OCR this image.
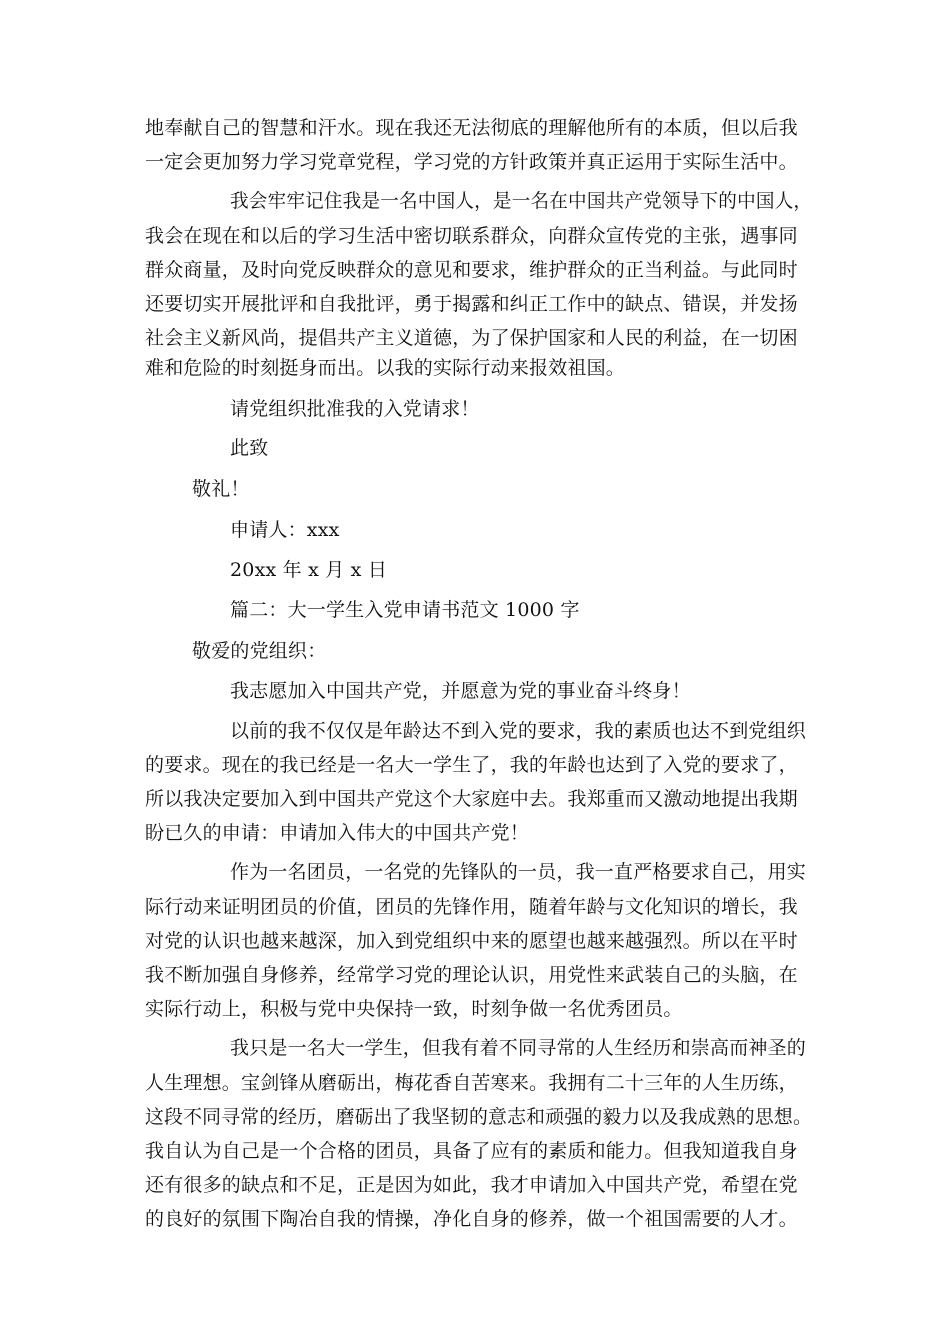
地奉献自己的智慧和汗水。现在我还无法彻底的理解他所有的本质，但以后我
一定会更加努力学习党章党程，学习党的方针政策并真正运用于实际生活中。
我会牢牢记住我是一名中国人，是一名在中国共产党领导下的中国人，
我会在现在和以后的学习生活中密切联系群众，向群众宣传党的主张，遇事同
群众商量，及时向党反映群众的意见和要求，维护群众的正当利益。与此同时
还要切实开展批评和自我批评，勇于揭露和纠正工作中的缺点、错误，并发扬
社会主义新风尚，提倡共产主义道德，为了保护国家和人民的利益，在一切困
难和危险的时刻挺身而出。以我的实际行动来报效祖国。
请党组织批准我的入党请求！
此致
敬礼！
申请人：xxx
20xx 年 x 月 x 日
篇二：大一学生入党申请书范文 1000 字
敬爱的党组织：
我志愿加入中国共产党，并愿意为党的事业奋斗终身！
以前的我不仅仅是年龄达不到入党的要求，我的素质也达不到党组织
的要求。现在的我已经是一名大一学生了，我的年龄也达到了入党的要求了，
所以我决定要加入到中国共产党这个大家庭中去。我郑重而又激动地提出我期
盼已久的申请：申请加入伟大的中国共产党！
作为一名团员，一名党的先锋队的一员，我一直严格要求自己，用实
际行动来证明团员的价值，团员的先锋作用，随着年龄与文化知识的增长，我
对党的认识也越来越深，加入到党组织中来的愿望也越来越强烈。所以在平时
我不断加强自身修养，经常学习党的理论认识，用党性来武装自己的头脑，在
实际行动上，积极与党中央保持一致，时刻争做一名优秀团员。
我只是一名大一学生，但我有着不同寻常的人生经历和崇高而神圣的
人生理想。宝剑锋从磨砺出，梅花香自苦寒来。我拥有二十三年的人生历练，
这段不同寻常的经历，磨砺出了我坚韧的意志和顽强的毅力以及我成熟的思想。
我自认为自己是一个合格的团员，具备了应有的素质和能力。但我知道我自身
还有很多的缺点和不足，正是因为如此，我才申请加入中国共产党，希望在党
的良好的氛围下陶冶自我的情操，净化自身的修养，做一个祖国需要的人才。
